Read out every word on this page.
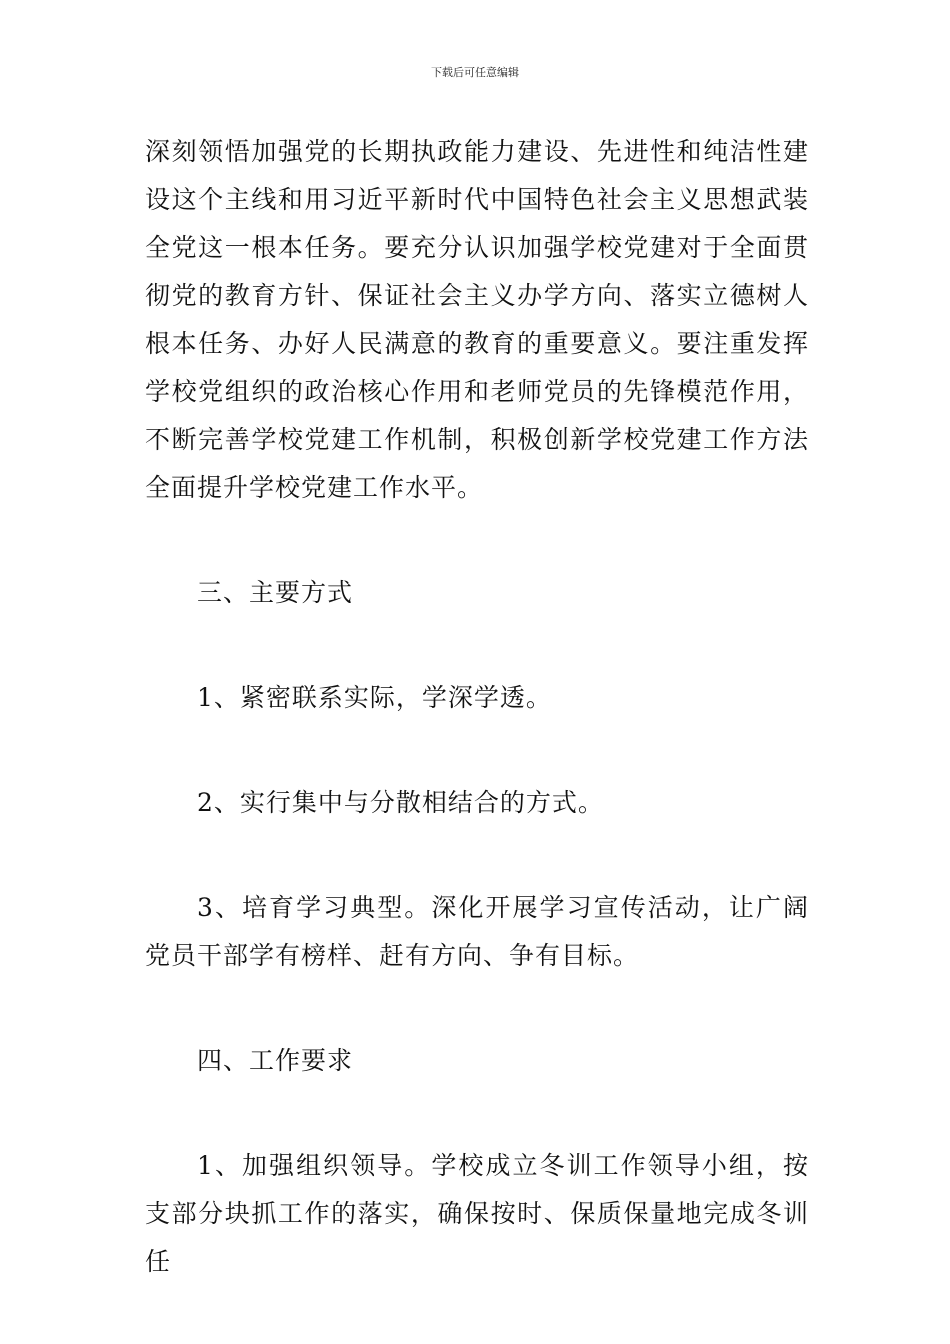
下载后可任意编辑

深刻领悟加强党的长期执政能力建设、先进性和纯洁性建设这个主线和用习近平新时代中国特色社会主义思想武装全党这一根本任务。要充分认识加强学校党建对于全面贯彻党的教育方针、保证社会主义办学方向、落实立德树人根本任务、办好人民满意的教育的重要意义。要注重发挥学校党组织的政治核心作用和老师党员的先锋模范作用，不断完善学校党建工作机制，积极创新学校党建工作方法全面提升学校党建工作水平。

三、主要方式

1、紧密联系实际，学深学透。

2、实行集中与分散相结合的方式。

3、培育学习典型。深化开展学习宣传活动，让广阔党员干部学有榜样、赶有方向、争有目标。

四、工作要求

1、加强组织领导。学校成立冬训工作领导小组，按支部分块抓工作的落实，确保按时、保质保量地完成冬训任
